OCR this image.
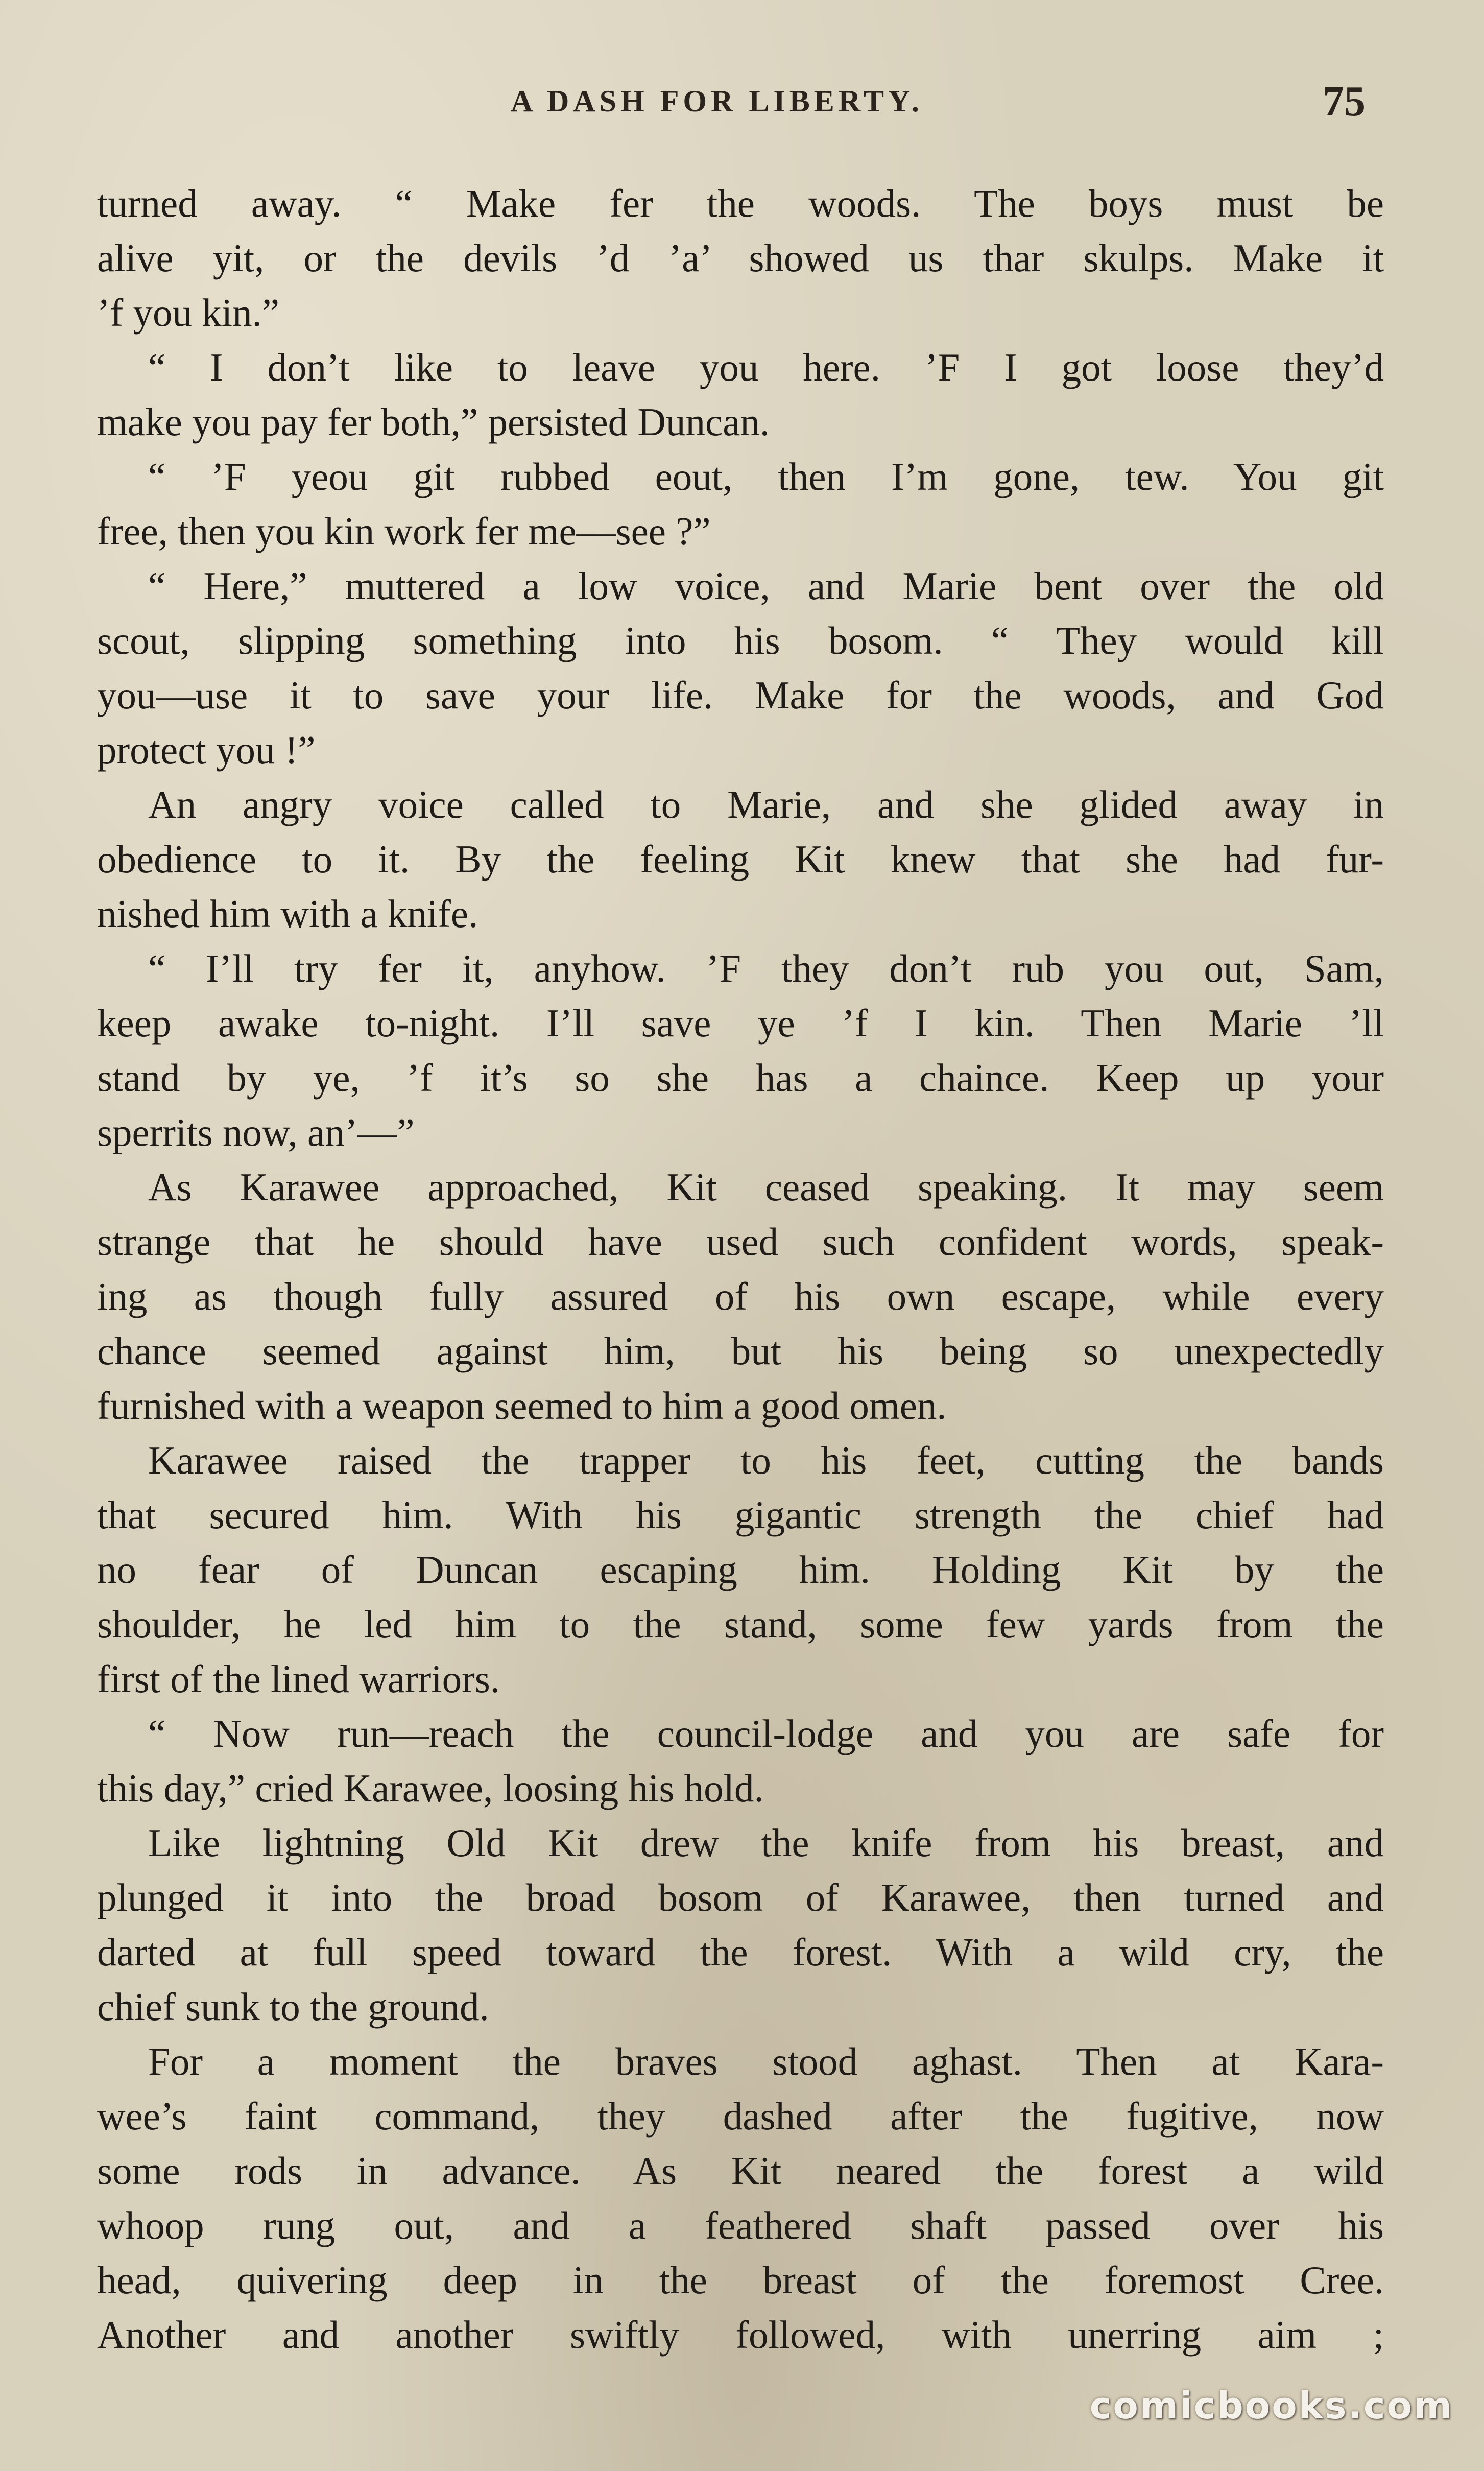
A DASH FOR LIBERTY.	75
turned away. “ Make fer the woods. The boys must be
alive yit, or the devils ’d ’a’ showed us thar skulps. Make it
’f you kin.”
“ I don’t like to leave you here. ’F I got loose they’d
make you pay fer both,” persisted Duncan.
“ ’F yeou git rubbed eout, then I’m gone, tew. You git
free, then you kin work fer me—see ?”
“ Here,” muttered a low voice, and Marie bent over the old
scout, slipping something into his bosom. “ They would kill
you—use it to save your life. Make for the woods, and God
protect you !”
An angry voice called to Marie, and she glided away in
obedience to it. By the feeling Kit knew that she had fur-
nished him with a knife.
“ I’ll try fer it, anyhow. ’F they don’t rub you out, Sam,
keep awake to-night. I’ll save ye ’f I kin. Then Marie ’ll
stand by ye, ’f it’s so she has a chaince. Keep up your
sperrits now, an’—”
As Karawee approached, Kit ceased speaking. It may seem
strange that he should have used such confident words, speak-
ing as though fully assured of his own escape, while every
chance seemed against him, but his being so unexpectedly
furnished with a weapon seemed to him a good omen.
Karawee raised the trapper to his feet, cutting the bands
that secured him. With his gigantic strength the chief had
no fear of Duncan escaping him. Holding Kit by the
shoulder, he led him to the stand, some few yards from the
first of the lined warriors.
“ Now run—reach the council-lodge and you are safe for
this day,” cried Karawee, loosing his hold.
Like lightning Old Kit drew the knife from his breast, and
plunged it into the broad bosom of Karawee, then turned and
darted at full speed toward the forest. With a wild cry, the
chief sunk to the ground.
For a moment the braves stood aghast. Then at Kara-
wee’s faint command, they dashed after the fugitive, now
some rods in advance. As Kit neared the forest a wild
whoop rung out, and a feathered shaft passed over his
head, quivering deep in the breast of the foremost Cree.
Another and another swiftly followed, with unerring aim ;
comicbooks.com
